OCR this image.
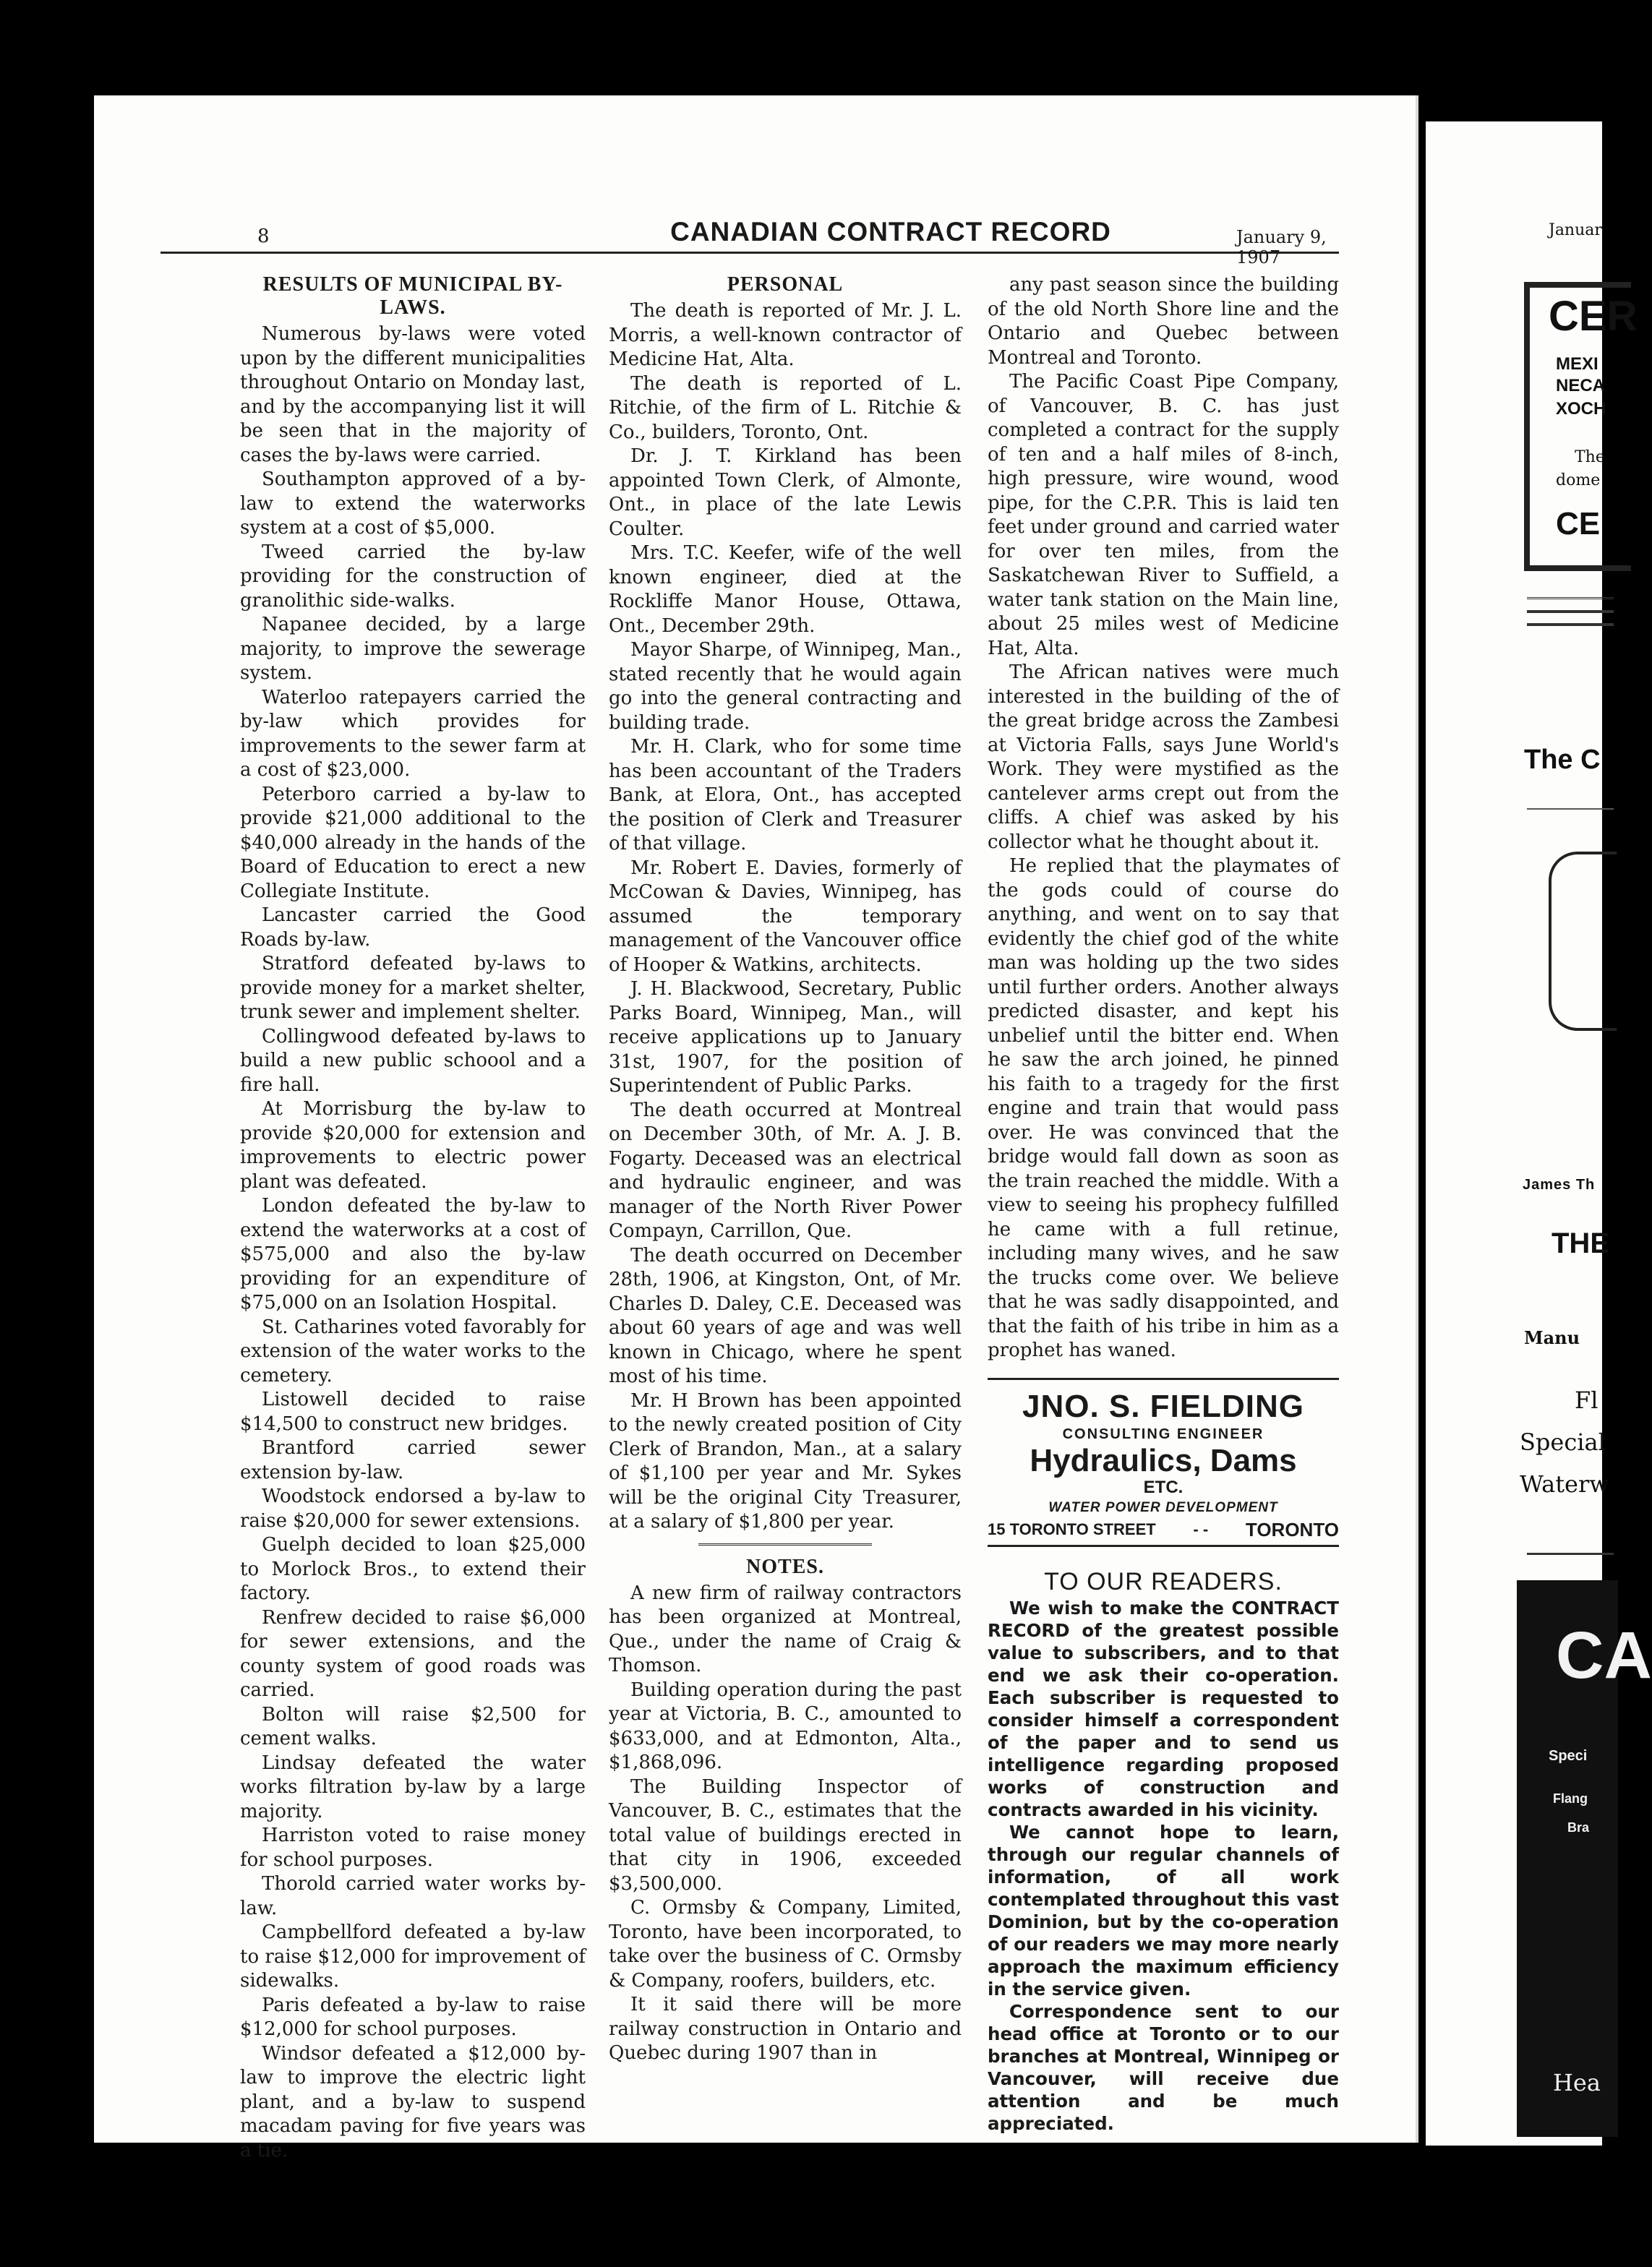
8	CANADIAN CONTRACT RECORD	January 9, 1907
RESULTS OF MUNICIPAL BY-LAWS.

Numerous by-laws were voted upon by the different municipalities throughout Ontario on Monday last, and by the accompanying list it will be seen that in the majority of cases the by-laws were carried.

Southampton approved of a by-law to extend the waterworks system at a cost of $5,000.

Tweed carried the by-law providing for the construction of granolithic side-walks.

Napanee decided, by a large majority, to improve the sewerage system.

Waterloo ratepayers carried the by-law which provides for improvements to the sewer farm at a cost of $23,000.

Peterboro carried a by-law to provide $21,000 additional to the $40,000 already in the hands of the Board of Education to erect a new Collegiate Institute.

Lancaster carried the Good Roads by-law.

Stratford defeated by-laws to provide money for a market shelter, trunk sewer and implement shelter.

Collingwood defeated by-laws to build a new public schoool and a fire hall.

At Morrisburg the by-law to provide $20,000 for extension and improvements to electric power plant was defeated.

London defeated the by-law to extend the waterworks at a cost of $575,000 and also the by-law providing for an expenditure of $75,000 on an Isolation Hospital.

St. Catharines voted favorably for extension of the water works to the cemetery.

Listowell decided to raise $14,500 to construct new bridges.

Brantford carried sewer extension by-law.

Woodstock endorsed a by-law to raise $20,000 for sewer extensions.

Guelph decided to loan $25,000 to Morlock Bros., to extend their factory.

Renfrew decided to raise $6,000 for sewer extensions, and the county system of good roads was carried.

Bolton will raise $2,500 for cement walks.

Lindsay defeated the water works filtration by-law by a large majority.

Harriston voted to raise money for school purposes.

Thorold carried water works by-law.

Campbellford defeated a by-law to raise $12,000 for improvement of sidewalks.

Paris defeated a by-law to raise $12,000 for school purposes.

Windsor defeated a $12,000 by-law to improve the electric light plant, and a by-law to suspend macadam paving for five years was a tie.

PERSONAL

The death is reported of Mr. J. L. Morris, a well-known contractor of Medicine Hat, Alta.

The death is reported of L. Ritchie, of the firm of L. Ritchie & Co., builders, Toronto, Ont.

Dr. J. T. Kirkland has been appointed Town Clerk, of Almonte, Ont., in place of the late Lewis Coulter.

Mrs. T.C. Keefer, wife of the well known engineer, died at the Rockliffe Manor House, Ottawa, Ont., December 29th.

Mayor Sharpe, of Winnipeg, Man., stated recently that he would again go into the general contracting and building trade.

Mr. H. Clark, who for some time has been accountant of the Traders Bank, at Elora, Ont., has accepted the position of Clerk and Treasurer of that village.

Mr. Robert E. Davies, formerly of McCowan & Davies, Winnipeg, has assumed the temporary management of the Vancouver office of Hooper & Watkins, architects.

J. H. Blackwood, Secretary, Public Parks Board, Winnipeg, Man., will receive applications up to January 31st, 1907, for the position of Superintendent of Public Parks.

The death occurred at Montreal on December 30th, of Mr. A. J. B. Fogarty. Deceased was an electrical and hydraulic engineer, and was manager of the North River Power Compayn, Carrillon, Que.

The death occurred on December 28th, 1906, at Kingston, Ont, of Mr. Charles D. Daley, C.E. Deceased was about 60 years of age and was well known in Chicago, where he spent most of his time.

Mr. H Brown has been appointed to the newly created position of City Clerk of Brandon, Man., at a salary of $1,100 per year and Mr. Sykes will be the original City Treasurer, at a salary of $1,800 per year.

NOTES.

A new firm of railway contractors has been organized at Montreal, Que., under the name of Craig & Thomson.

Building operation during the past year at Victoria, B. C., amounted to $633,000, and at Edmonton, Alta., $1,868,096.

The Building Inspector of Vancouver, B. C., estimates that the total value of buildings erected in that city in 1906, exceeded $3,500,000.

C. Ormsby & Company, Limited, Toronto, have been incorporated, to take over the business of C. Ormsby & Company, roofers, builders, etc.

It it said there will be more railway construction in Ontario and Quebec during 1907 than in

any past season since the building of the old North Shore line and the Ontario and Quebec between Montreal and Toronto.

The Pacific Coast Pipe Company, of Vancouver, B. C. has just completed a contract for the supply of ten and a half miles of 8-inch, high pressure, wire wound, wood pipe, for the C.P.R. This is laid ten feet under ground and carried water for over ten miles, from the Saskatchewan River to Suffield, a water tank station on the Main line, about 25 miles west of Medicine Hat, Alta.

The African natives were much interested in the building of the of the great bridge across the Zambesi at Victoria Falls, says June World's Work. They were mystified as the cantelever arms crept out from the cliffs. A chief was asked by his collector what he thought about it.

He replied that the playmates of the gods could of course do anything, and went on to say that evidently the chief god of the white man was holding up the two sides until further orders. Another always predicted disaster, and kept his unbelief until the bitter end. When he saw the arch joined, he pinned his faith to a tragedy for the first engine and train that would pass over. He was convinced that the bridge would fall down as soon as the train reached the middle. With a view to seeing his prophecy fulfilled he came with a full retinue, including many wives, and he saw the trucks come over. We believe that he was sadly disappointed, and that the faith of his tribe in him as a prophet has waned.

JNO. S. FIELDING
CONSULTING ENGINEER
Hydraulics, Dams
ETC.
WATER POWER DEVELOPMENT
15 TORONTO STREET - - TORONTO
TO OUR READERS.

We wish to make the CONTRACT RECORD of the greatest possible value to subscribers, and to that end we ask their co-operation. Each subscriber is requested to consider himself a correspondent of the paper and to send us intelligence regarding proposed works of construction and contracts awarded in his vicinity.

We cannot hope to learn, through our regular channels of information, of all work contemplated throughout this vast Dominion, but by the co-operation of our readers we may more nearly approach the maximum efficiency in the service given.

Correspondence sent to our head office at Toronto or to our branches at Montreal, Winnipeg or Vancouver, will receive due attention and be much appreciated.

Januar
CER
MEXI
NECA
XOCH
The
dome
CE
The C
James Th
THE
Manu
Fl
Special
Waterw
CA
Speci
Flang
Bra
Hea
